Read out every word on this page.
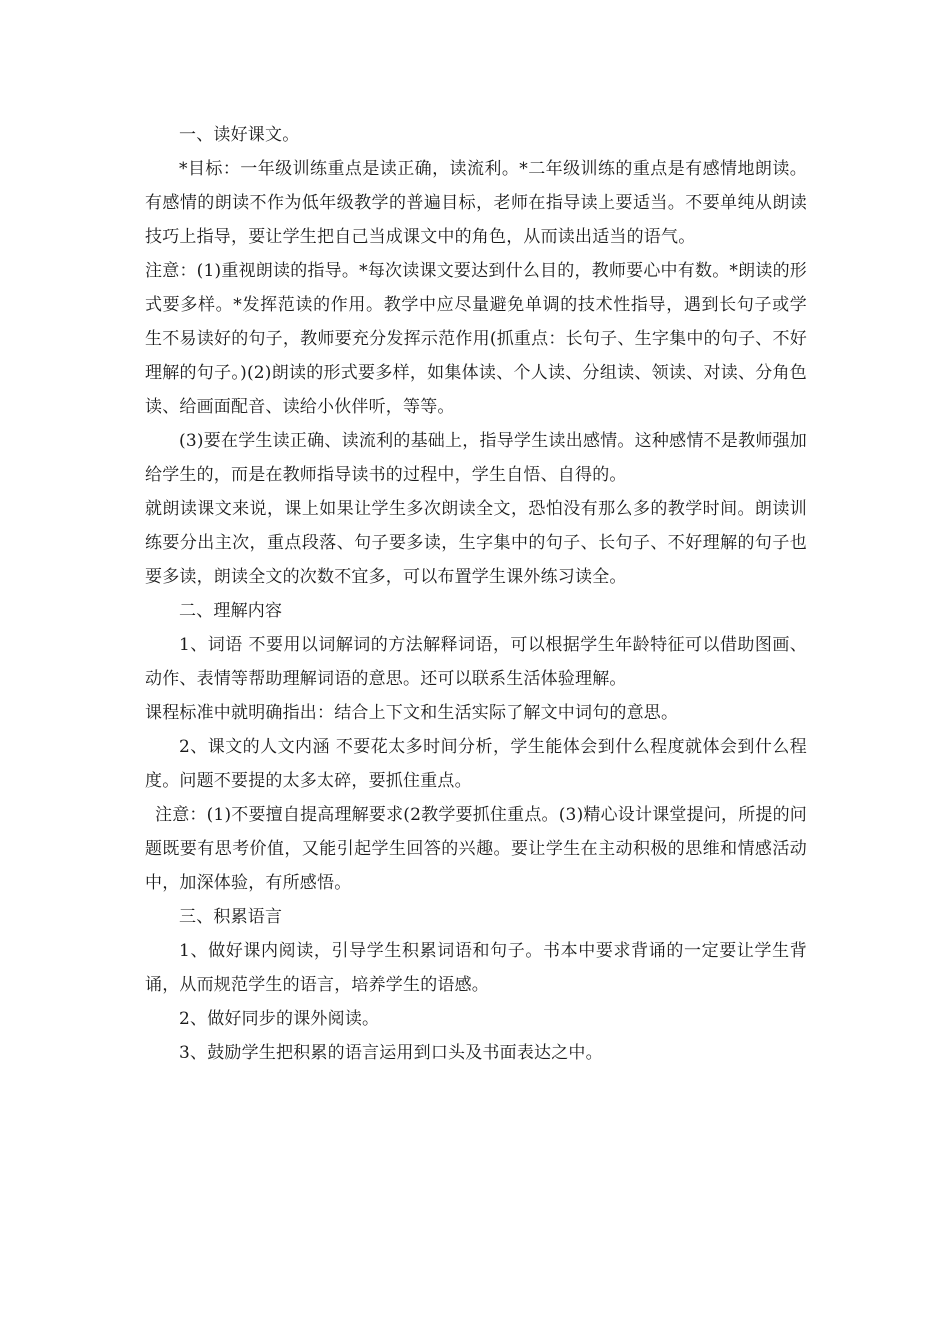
一、读好课文。

*目标：一年级训练重点是读正确，读流利。*二年级训练的重点是有感情地朗读。有感情的朗读不作为低年级教学的普遍目标，老师在指导读上要适当。不要单纯从朗读技巧上指导，要让学生把自己当成课文中的角色，从而读出适当的语气。

注意：(1)重视朗读的指导。*每次读课文要达到什么目的，教师要心中有数。*朗读的形式要多样。*发挥范读的作用。教学中应尽量避免单调的技术性指导，遇到长句子或学生不易读好的句子，教师要充分发挥示范作用(抓重点：长句子、生字集中的句子、不好理解的句子。)(2)朗读的形式要多样，如集体读、个人读、分组读、领读、对读、分角色读、给画面配音、读给小伙伴听，等等。

(3)要在学生读正确、读流利的基础上，指导学生读出感情。这种感情不是教师强加给学生的，而是在教师指导读书的过程中，学生自悟、自得的。

就朗读课文来说，课上如果让学生多次朗读全文，恐怕没有那么多的教学时间。朗读训练要分出主次，重点段落、句子要多读，生字集中的句子、长句子、不好理解的句子也要多读，朗读全文的次数不宜多，可以布置学生课外练习读全。

二、理解内容

1、词语 不要用以词解词的方法解释词语，可以根据学生年龄特征可以借助图画、动作、表情等帮助理解词语的意思。还可以联系生活体验理解。

课程标准中就明确指出：结合上下文和生活实际了解文中词句的意思。

2、课文的人文内涵 不要花太多时间分析，学生能体会到什么程度就体会到什么程度。问题不要提的太多太碎，要抓住重点。

注意：(1)不要擅自提高理解要求(2教学要抓住重点。(3)精心设计课堂提问，所提的问题既要有思考价值，又能引起学生回答的兴趣。要让学生在主动积极的思维和情感活动中，加深体验，有所感悟。

三、积累语言

1、做好课内阅读，引导学生积累词语和句子。书本中要求背诵的一定要让学生背诵，从而规范学生的语言，培养学生的语感。

2、做好同步的课外阅读。

3、鼓励学生把积累的语言运用到口头及书面表达之中。
